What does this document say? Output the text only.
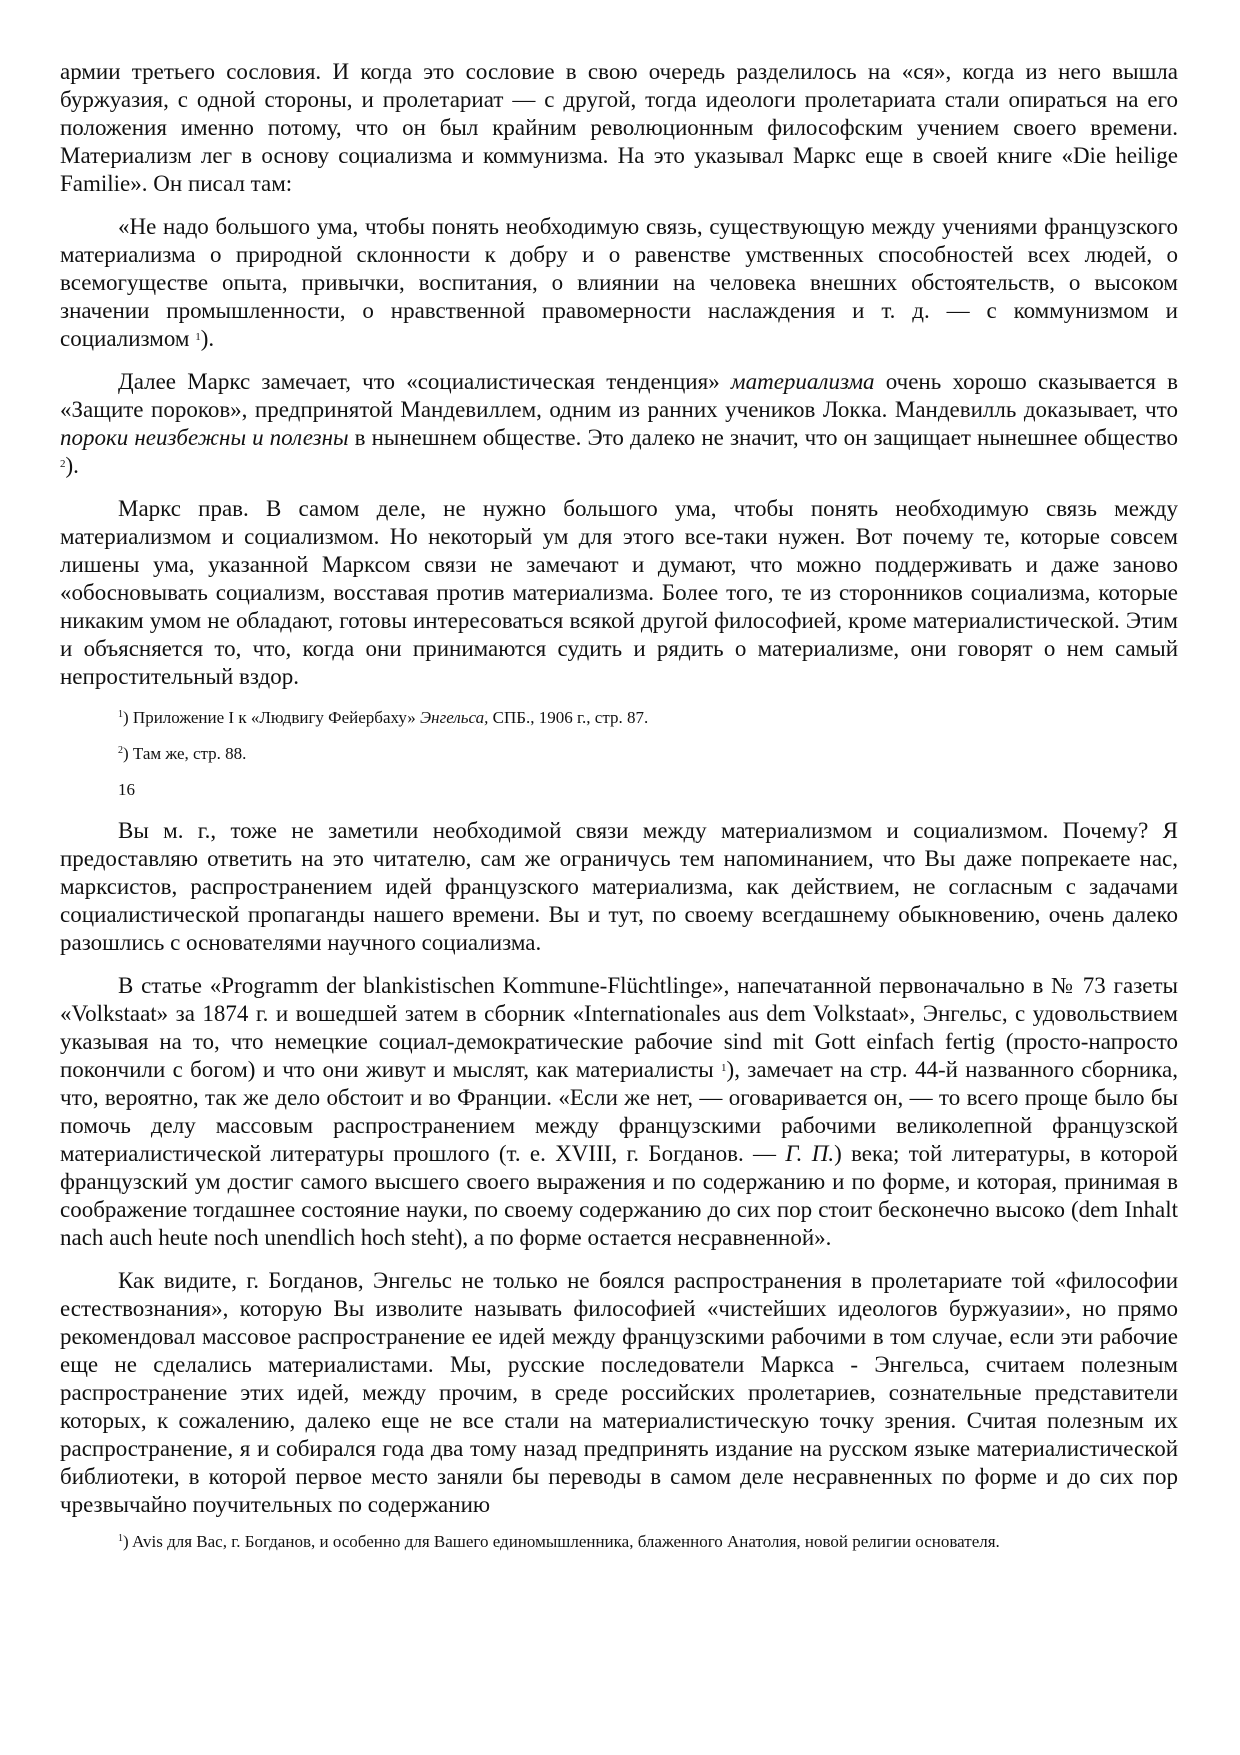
армии третьего сословия. И когда это сословие в свою очередь разделилось на «ся», когда из него вышла буржуазия, с одной стороны, и пролетариат — с другой, тогда идеологи пролетариата стали опираться на его положения именно потому, что он был крайним революционным философским учением своего времени. Материализм лег в основу социализма и коммунизма. На это указывал Маркс еще в своей книге «Die heilige Familie». Он писал там:

«Не надо большого ума, чтобы понять необходимую связь, существующую между учениями французского материализма о природной склонности к добру и о равенстве умственных способностей всех людей, о всемогуществе опыта, привычки, воспитания, о влиянии на человека внешних обстоятельств, о высоком значении промышленности, о нравственной правомерности наслаждения и т. д. — с коммунизмом и социализмом $^1$).

Далее Маркс замечает, что «социалистическая тенденция» материализма очень хорошо сказывается в «Защите пороков», предпринятой Мандевиллем, одним из ранних учеников Локка. Мандевилль доказывает, что пороки неизбежны и полезны в нынешнем обществе. Это далеко не значит, что он защищает нынешнее общество $^2$).

Маркс прав. В самом деле, не нужно большого ума, чтобы понять необходимую связь между материализмом и социализмом. Но некоторый ум для этого все-таки нужен. Вот почему те, которые совсем лишены ума, указанной Марксом связи не замечают и думают, что можно поддерживать и даже заново «обосновывать социализм, восставая против материализма. Более того, те из сторонников социализма, которые никаким умом не обладают, готовы интересоваться всякой другой философией, кроме материалистической. Этим и объясняется то, что, когда они принимаются судить и рядить о материализме, они говорят о нем самый непростительный вздор.

$^1$) Приложение I к «Людвигу Фейербаху» Энгельса, СПБ., 1906 г., стр. 87.

$^2$) Там же, стр. 88.

16

Вы м. г., тоже не заметили необходимой связи между материализмом и социализмом. Почему? Я предоставляю ответить на это читателю, сам же ограничусь тем напоминанием, что Вы даже попрекаете нас, марксистов, распространением идей французского материализма, как действием, не согласным с задачами социалистической пропаганды нашего времени. Вы и тут, по своему всегдашнему обыкновению, очень далеко разошлись с основателями научного социализма.

В статье «Programm der blankistischen Kommune-Flüchtlinge», напечатанной первоначально в № 73 газеты «Volkstaat» за 1874 г. и вошедшей затем в сборник «Internationales aus dem Volkstaat», Энгельс, с удовольствием указывая на то, что немецкие социал-демократические рабочие sind mit Gott einfach fertig (просто-напросто покончили с богом) и что они живут и мыслят, как материалисты $^1$), замечает на стр. 44-й названного сборника, что, вероятно, так же дело обстоит и во Франции. «Если же нет, — оговаривается он, — то всего проще было бы помочь делу массовым распространением между французскими рабочими великолепной французской материалистической литературы прошлого (т. е. XVIII, г. Богданов. — Г. П.) века; той литературы, в которой французский ум достиг самого высшего своего выражения и по содержанию и по форме, и которая, принимая в соображение тогдашнее состояние науки, по своему содержанию до сих пор стоит бесконечно высоко (dem Inhalt nach auch heute noch unendlich hoch steht), а по форме остается несравненной».

Как видите, г. Богданов, Энгельс не только не боялся распространения в пролетариате той «философии естествознания», которую Вы изволите называть философией «чистейших идеологов буржуазии», но прямо рекомендовал массовое распространение ее идей между французскими рабочими в том случае, если эти рабочие еще не сделались материалистами. Мы, русские последователи Маркса - Энгельса, считаем полезным распространение этих идей, между прочим, в среде российских пролетариев, сознательные представители которых, к сожалению, далеко еще не все стали на материалистическую точку зрения. Считая полезным их распространение, я и собирался года два тому назад предпринять издание на русском языке материалистической библиотеки, в которой первое место заняли бы переводы в самом деле несравненных по форме и до сих пор чрезвычайно поучительных по содержанию

$^1$) Avis для Вас, г. Богданов, и особенно для Вашего единомышленника, блаженного Анатолия, новой религии основателя.
